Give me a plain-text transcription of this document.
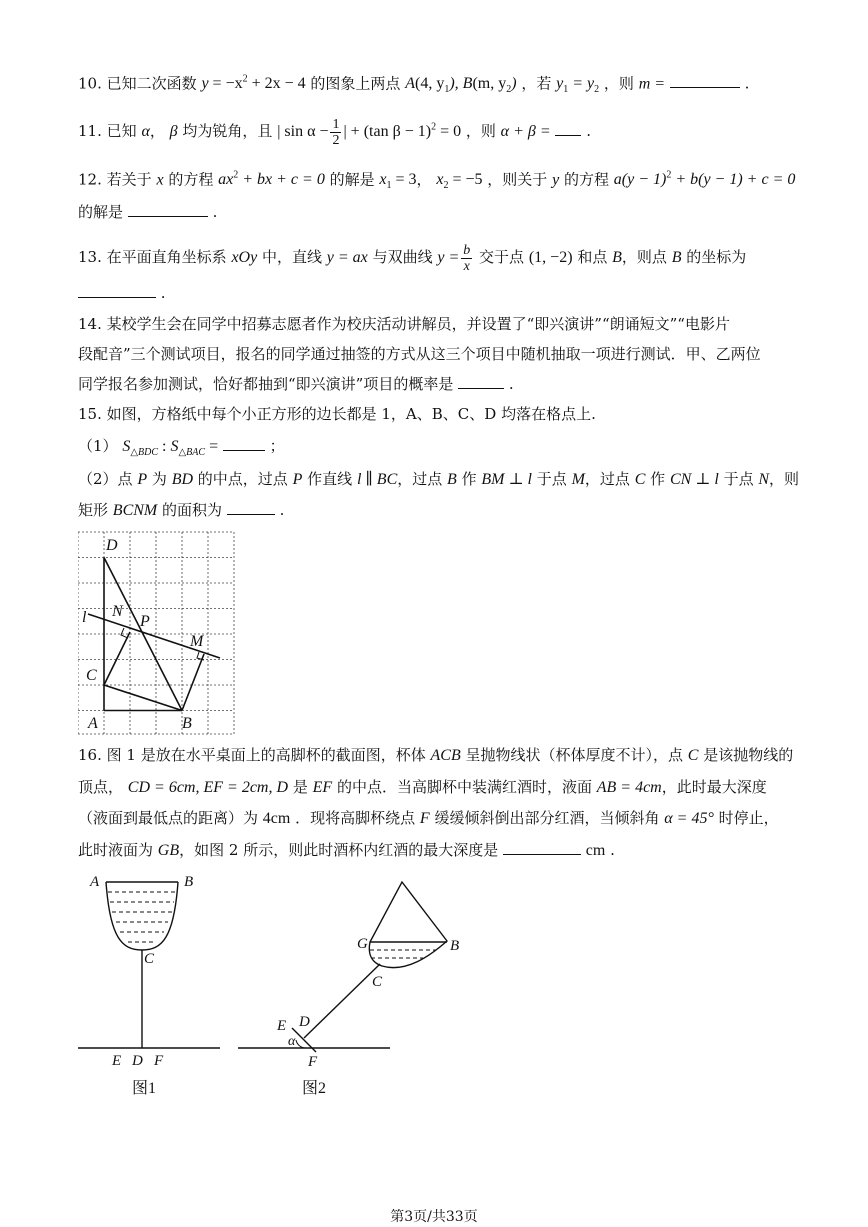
10. 已知二次函数 $y = -x^2 + 2x - 4$ 的图象上两点 A(4, $y_1$), B(m, $y_2$) ，若 $y_1 = y_2$ ，则 m =	.
11. 已知 α， β 均为锐角，且 | $\sin \alpha - \frac{1}{2}$ | + (tan β − 1)$^2$ = 0 ，则 α + β = .
12. 若关于 x 的方程 $ax^2$ + bx + c = 0 的解是 $x_1 = 3$， $x_2 = -5$ ，则关于 y 的方程 $a(y - 1)^2 + b(y - 1) + c = 0$
的解是	.
13. 在平面直角坐标系 xOy 中，直线 y = ax 与双曲线 $y = \frac{b}{x}$ 交于点 (1, −2) 和点 B，则点 B 的坐标为
.
14. 某校学生会在同学中招募志愿者作为校庆活动讲解员，并设置了“即兴演讲”“朗诵短文”“电影片
段配音”三个测试项目，报名的同学通过抽签的方式从这三个项目中随机抽取一项进行测试．甲、乙两位
同学报名参加测试，恰好都抽到“即兴演讲”项目的概率是	.
15. 如图，方格纸中每个小正方形的边长都是 1，A、B、C、D 均落在格点上.
（1） $S_{\triangle BDC}$ : $S_{\triangle BAC}$ =	；
（2）点 P 为 BD 的中点，过点 P 作直线 l ∥ BC，过点 B 作 BM ⊥ l 于点 M，过点 C 作 CN ⊥ l 于点 N，则
矩形 BCNM 的面积为	.
D
l N
P
M
C
A	B
16. 图 1 是放在水平桌面上的高脚杯的截面图，杯体 ACB 呈抛物线状（杯体厚度不计），点 C 是该抛物线的
顶点， CD = 6cm, EF = 2cm, D 是 EF 的中点．当高脚杯中装满红酒时，液面 AB = 4cm，此时最大深度
（液面到最低点的距离）为 4cm ．现将高脚杯绕点 F 缓缓倾斜倒出部分红酒，当倾斜角 α = 45° 时停止，
此时液面为 GB，如图 2 所示，则此时酒杯内红酒的最大深度是	cm .
A	B
C
E D F
图1
G	B
C
E D
α
F
图2
第3页/共33页
